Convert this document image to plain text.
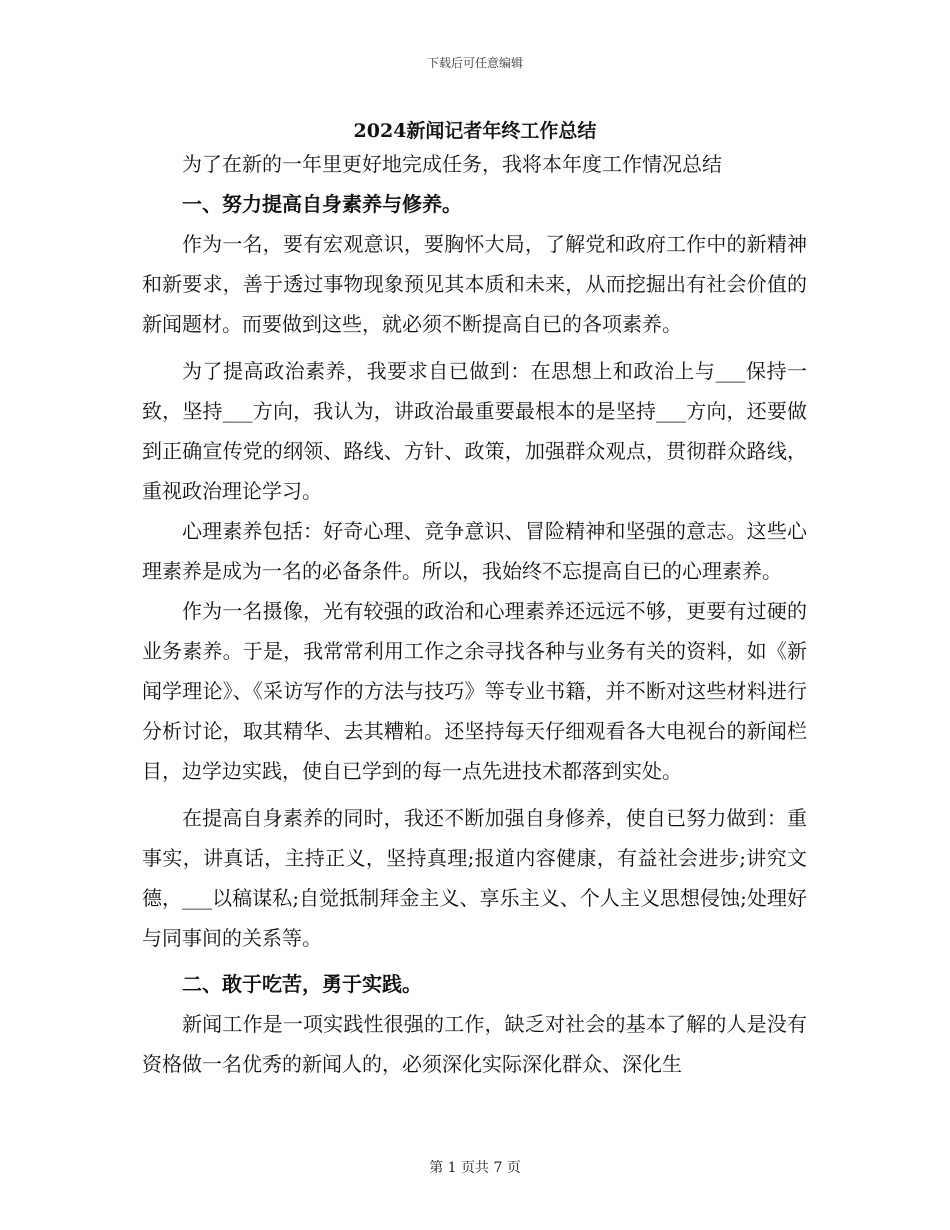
下载后可任意编辑
2024新闻记者年终工作总结

为了在新的一年里更好地完成任务，我将本年度工作情况总结

一、努力提高自身素养与修养。

作为一名，要有宏观意识，要胸怀大局，了解党和政府工作中的新精神和新要求，善于透过事物现象预见其本质和未来，从而挖掘出有社会价值的新闻题材。而要做到这些，就必须不断提高自已的各项素养。

为了提高政治素养，我要求自已做到：在思想上和政治上与___保持一致，坚持___方向，我认为，讲政治最重要最根本的是坚持___方向，还要做到正确宣传党的纲领、路线、方针、政策，加强群众观点，贯彻群众路线，重视政治理论学习。

心理素养包括：好奇心理、竞争意识、冒险精神和坚强的意志。这些心理素养是成为一名的必备条件。所以，我始终不忘提高自已的心理素养。

作为一名摄像，光有较强的政治和心理素养还远远不够，更要有过硬的业务素养。于是，我常常利用工作之余寻找各种与业务有关的资料，如《新闻学理论》、《采访写作的方法与技巧》等专业书籍，并不断对这些材料进行分析讨论，取其精华、去其糟粕。还坚持每天仔细观看各大电视台的新闻栏目，边学边实践，使自已学到的每一点先进技术都落到实处。

在提高自身素养的同时，我还不断加强自身修养，使自已努力做到：重事实，讲真话，主持正义，坚持真理;报道内容健康，有益社会进步;讲究文德，___以稿谋私;自觉抵制拜金主义、享乐主义、个人主义思想侵蚀;处理好与同事间的关系等。

二、敢于吃苦，勇于实践。

新闻工作是一项实践性很强的工作，缺乏对社会的基本了解的人是没有资格做一名优秀的新闻人的，必须深化实际深化群众、深化生

第 1 页共 7 页
